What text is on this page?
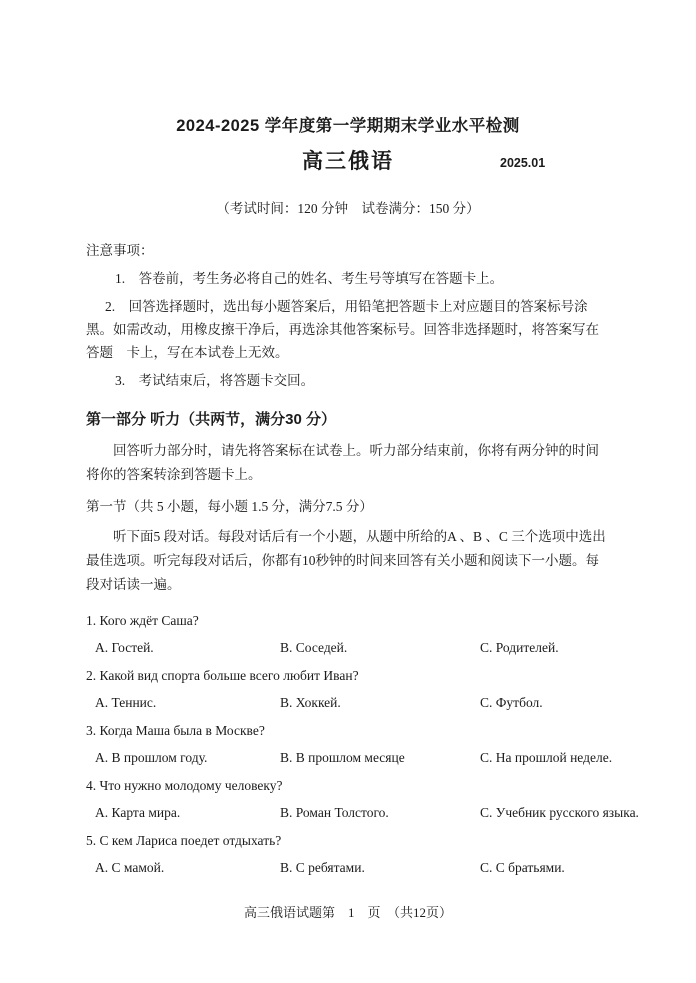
2024-2025 学年度第一学期期末学业水平检测
高三俄语	2025.01
（考试时间：120 分钟　试卷满分：150 分）

注意事项：

1.　答卷前，考生务必将自己的姓名、考生号等填写在答题卡上。

2.　回答选择题时，选出每小题答案后，用铅笔把答题卡上对应题目的答案标号涂黑。如需改动，用橡皮擦干净后，再选涂其他答案标号。回答非选择题时，将答案写在答题　卡上，写在本试卷上无效。

3.　考试结束后，将答题卡交回。

第一部分 听力（共两节，满分30 分）

回答听力部分时，请先将答案标在试卷上。听力部分结束前，你将有两分钟的时间将你的答案转涂到答题卡上。

第一节（共 5 小题，每小题 1.5 分，满分7.5 分）

听下面5 段对话。每段对话后有一个小题，从题中所给的A 、B 、C 三个选项中选出最佳选项。听完每段对话后，你都有10秒钟的时间来回答有关小题和阅读下一小题。每段对话读一遍。

1. Кого ждёт Саша?

А. Гостей.	В. Соседей.	С. Родителей.

2. Какой вид спорта больше всего любит Иван?

А. Теннис.	В. Хоккей.	С. Футбол.

3. Когда Маша была в Москве?

А. В прошлом году.	В. В прошлом месяце	С. На прошлой неделе.

4. Что нужно молодому человеку?

А. Карта мира.	В. Роман Толстого.	С. Учебник русского языка.

5. С кем Лариса поедет отдыхать?

А. С мамой.	В. С ребятами.	С. С братьями.
高三俄语试题第　1　页　（共12页）
